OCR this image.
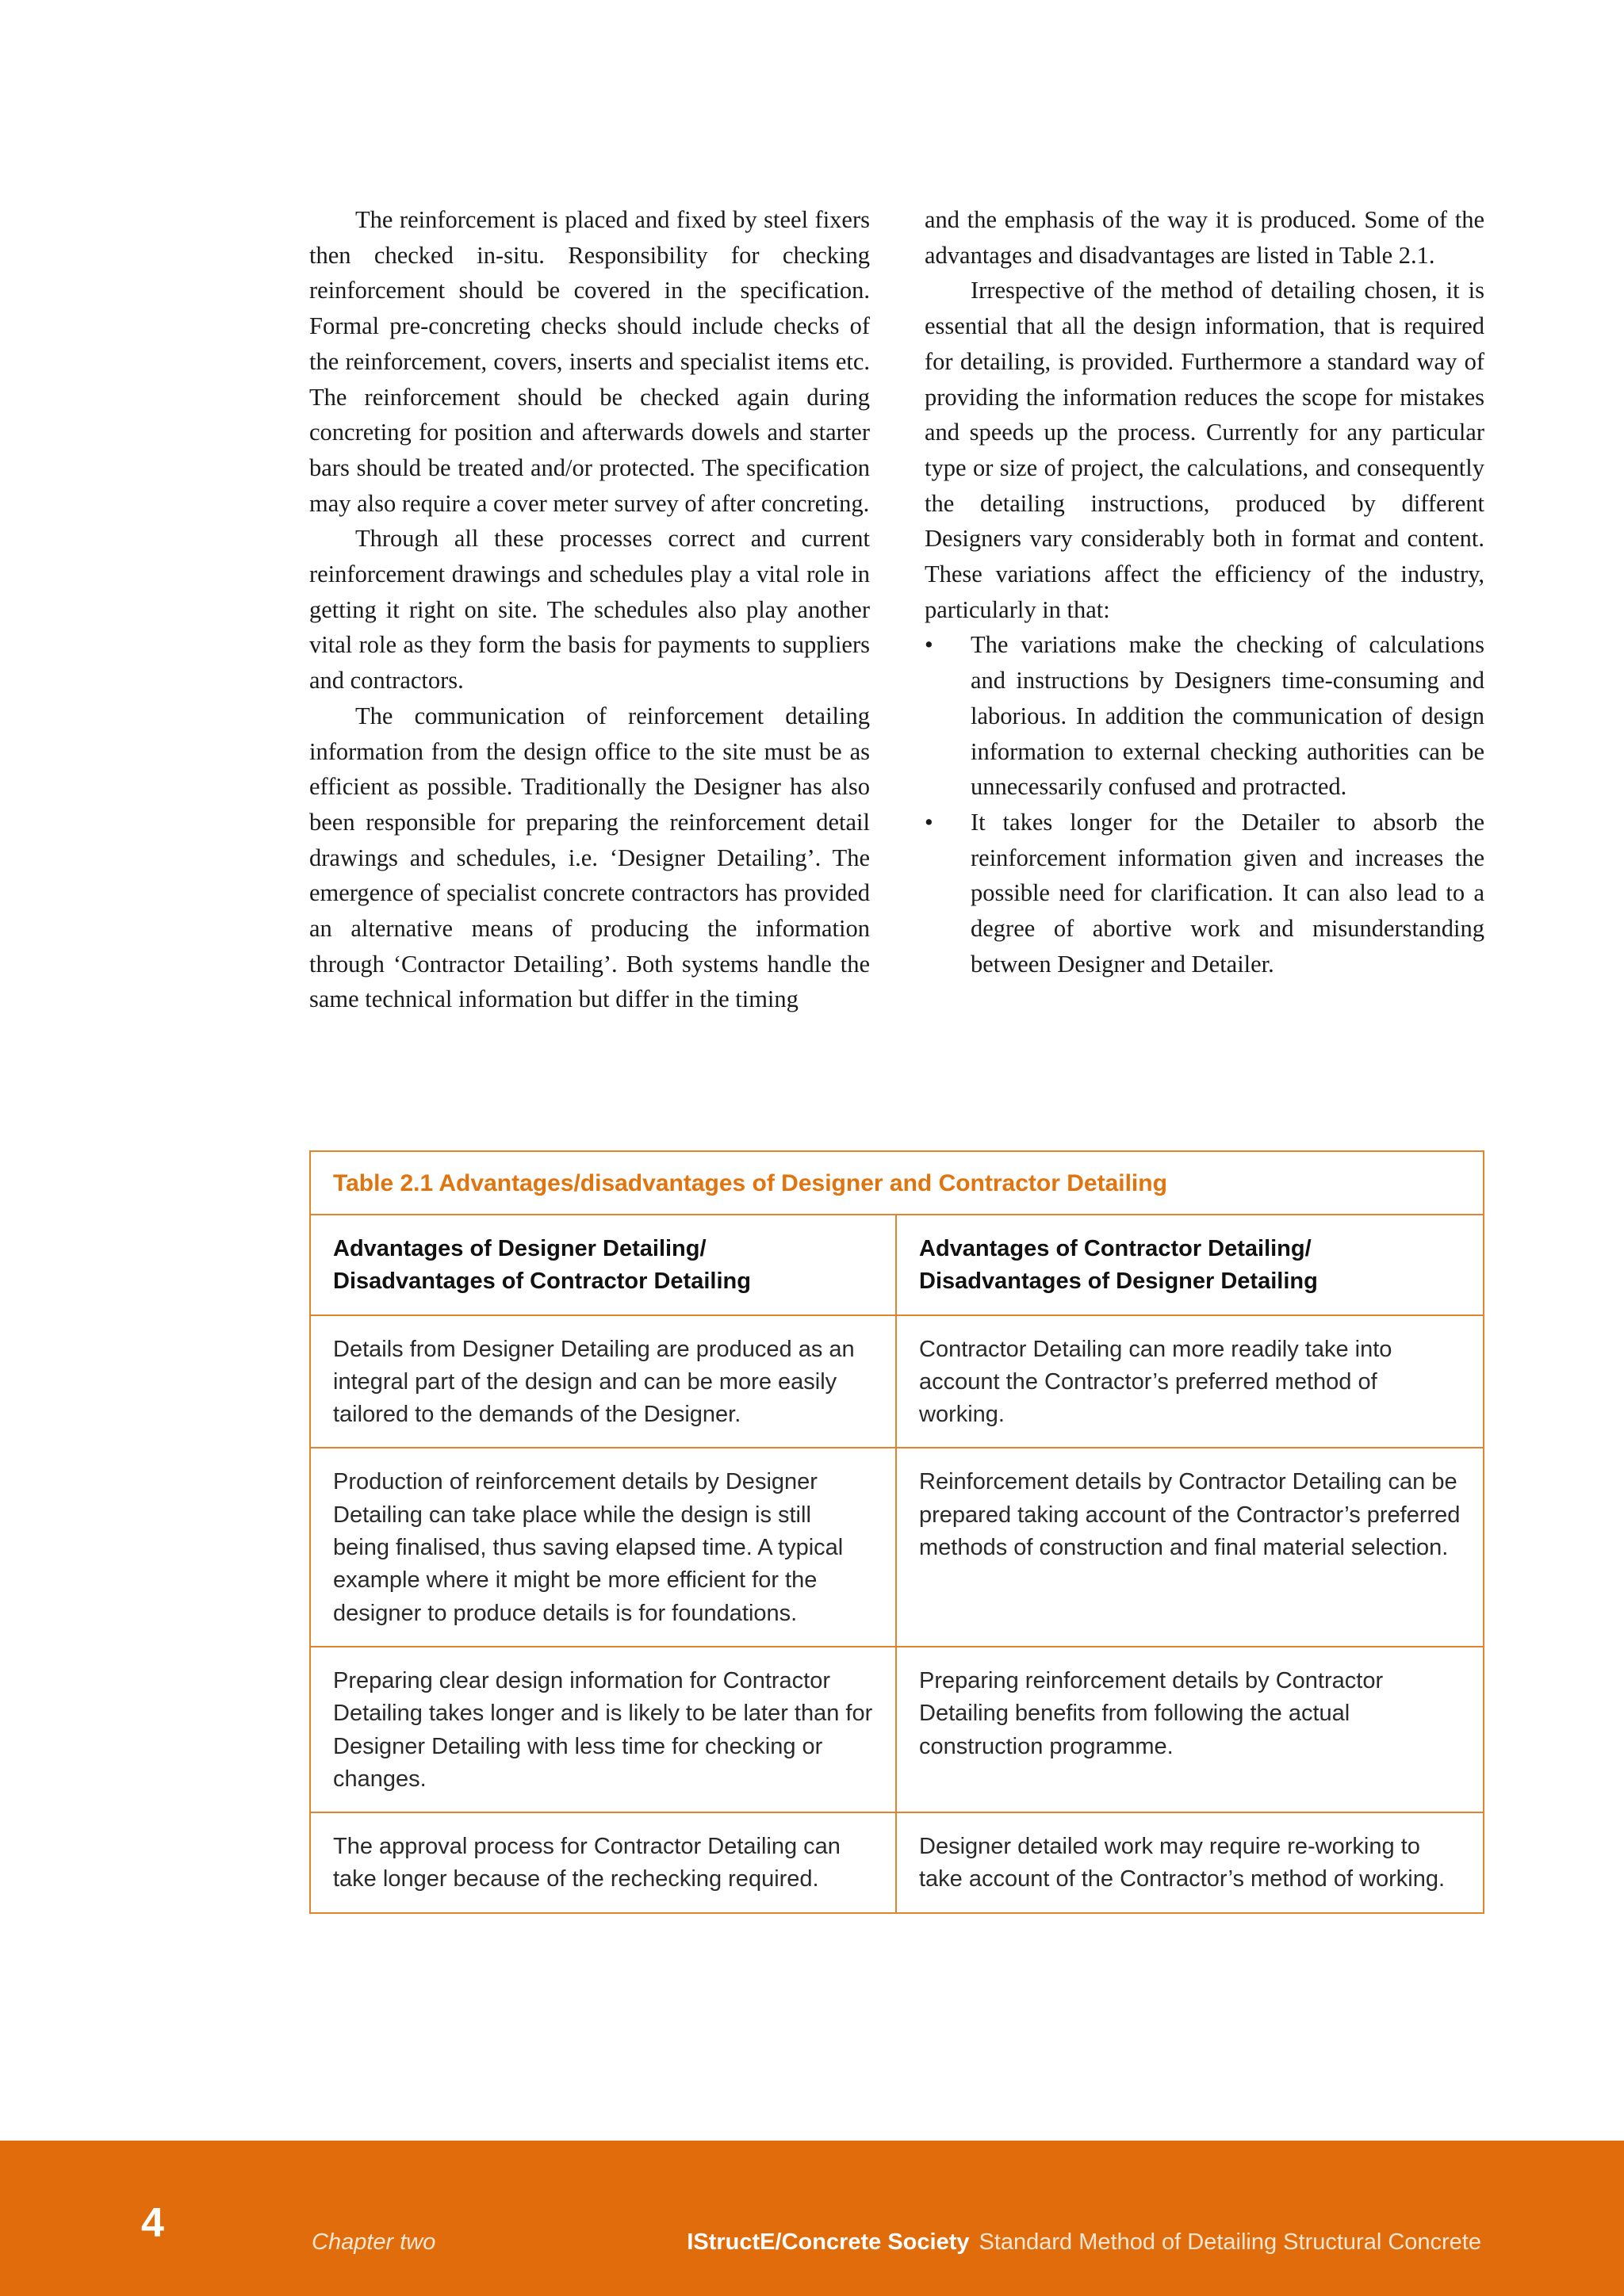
The reinforcement is placed and fixed by steel fixers then checked in-situ. Responsibility for checking reinforcement should be covered in the specification. Formal pre-concreting checks should include checks of the reinforcement, covers, inserts and specialist items etc. The reinforcement should be checked again during concreting for position and afterwards dowels and starter bars should be treated and/or protected. The specification may also require a cover meter survey of after concreting.

Through all these processes correct and current reinforcement drawings and schedules play a vital role in getting it right on site. The schedules also play another vital role as they form the basis for payments to suppliers and contractors.

The communication of reinforcement detailing information from the design office to the site must be as efficient as possible. Traditionally the Designer has also been responsible for preparing the reinforcement detail drawings and schedules, i.e. ‘Designer Detailing’. The emergence of specialist concrete contractors has provided an alternative means of producing the information through ‘Contractor Detailing’. Both systems handle the same technical information but differ in the timing

and the emphasis of the way it is produced. Some of the advantages and disadvantages are listed in Table 2.1.

Irrespective of the method of detailing chosen, it is essential that all the design information, that is required for detailing, is provided. Furthermore a standard way of providing the information reduces the scope for mistakes and speeds up the process. Currently for any particular type or size of project, the calculations, and consequently the detailing instructions, produced by different Designers vary considerably both in format and content. These variations affect the efficiency of the industry, particularly in that:

• The variations make the checking of calculations and instructions by Designers time-consuming and laborious. In addition the communication of design information to external checking authorities can be unnecessarily confused and protracted.
• It takes longer for the Detailer to absorb the reinforcement information given and increases the possible need for clarification. It can also lead to a degree of abortive work and misunderstanding between Designer and Detailer.
Table 2.1 Advantages/disadvantages of Designer and Contractor Detailing
Advantages of Designer Detailing/ Disadvantages of Contractor Detailing
Advantages of Contractor Detailing/ Disadvantages of Designer Detailing
Details from Designer Detailing are produced as an integral part of the design and can be more easily tailored to the demands of the Designer.
Contractor Detailing can more readily take into account the Contractor’s preferred method of working.
Production of reinforcement details by Designer Detailing can take place while the design is still being finalised, thus saving elapsed time. A typical example where it might be more efficient for the designer to produce details is for foundations.
Reinforcement details by Contractor Detailing can be prepared taking account of the Contractor’s preferred methods of construction and final material selection.
Preparing clear design information for Contractor Detailing takes longer and is likely to be later than for Designer Detailing with less time for checking or changes.
Preparing reinforcement details by Contractor Detailing benefits from following the actual construction programme.
The approval process for Contractor Detailing can take longer because of the rechecking required.
Designer detailed work may require re-working to take account of the Contractor’s method of working.
4	Chapter two	IStructE/Concrete Society Standard Method of Detailing Structural Concrete
